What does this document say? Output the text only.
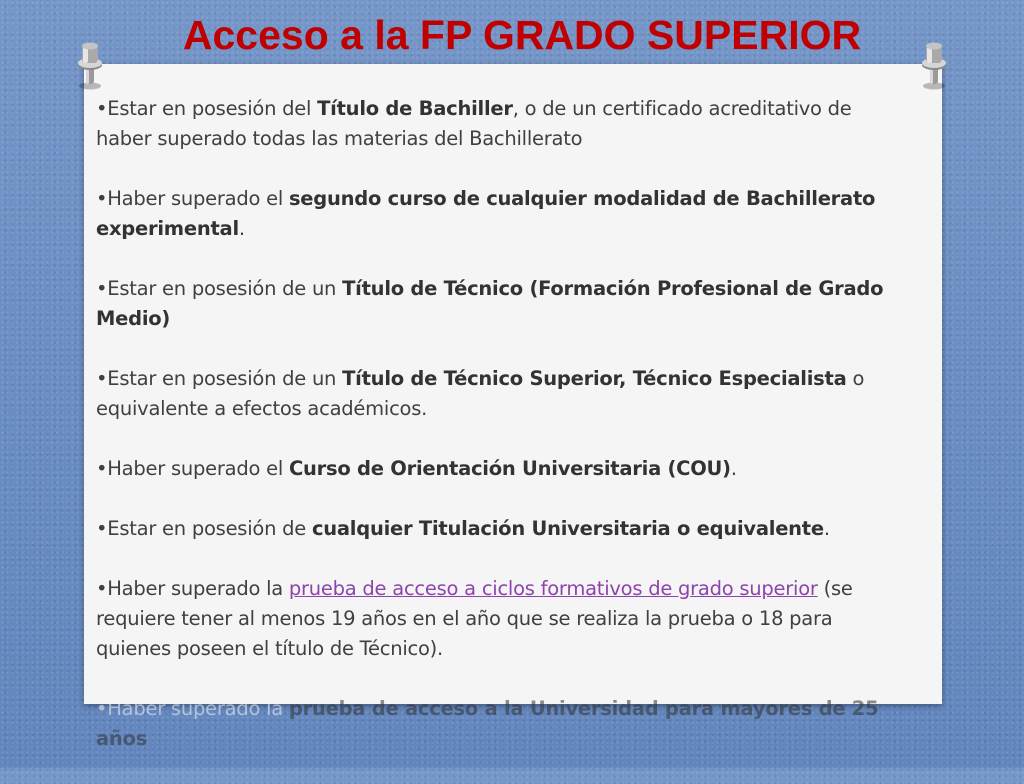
Acceso a la FP GRADO SUPERIOR

•Estar en posesión del Título de Bachiller, o de un certificado acreditativo de haber superado todas las materias del Bachillerato

•Haber superado el segundo curso de cualquier modalidad de Bachillerato experimental.

•Estar en posesión de un Título de Técnico (Formación Profesional de Grado Medio)

•Estar en posesión de un Título de Técnico Superior, Técnico Especialista o equivalente a efectos académicos.

•Haber superado el Curso de Orientación Universitaria (COU).

•Estar en posesión de cualquier Titulación Universitaria o equivalente.

•Haber superado la prueba de acceso a ciclos formativos de grado superior (se requiere tener al menos 19 años en el año que se realiza la prueba o 18 para quienes poseen el título de Técnico).

•Haber superado la prueba de acceso a la Universidad para mayores de 25 años
